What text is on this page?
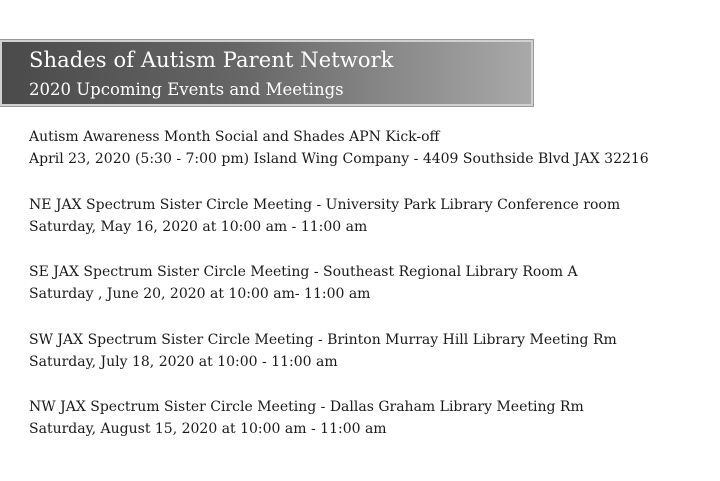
Shades of Autism Parent Network
2020 Upcoming Events and Meetings
Autism Awareness Month Social and Shades APN Kick-off
April 23, 2020 (5:30 - 7:00 pm) Island Wing Company - 4409 Southside Blvd JAX 32216
NE JAX Spectrum Sister Circle Meeting - University Park Library Conference room
Saturday, May 16, 2020 at 10:00 am - 11:00 am
SE JAX Spectrum Sister Circle Meeting - Southeast Regional Library Room A
Saturday , June 20, 2020 at 10:00 am- 11:00 am
SW JAX Spectrum Sister Circle Meeting - Brinton Murray Hill Library Meeting Rm
Saturday, July 18, 2020 at 10:00 - 11:00 am
NW JAX Spectrum Sister Circle Meeting - Dallas Graham Library Meeting Rm
Saturday, August 15, 2020 at 10:00 am - 11:00 am
